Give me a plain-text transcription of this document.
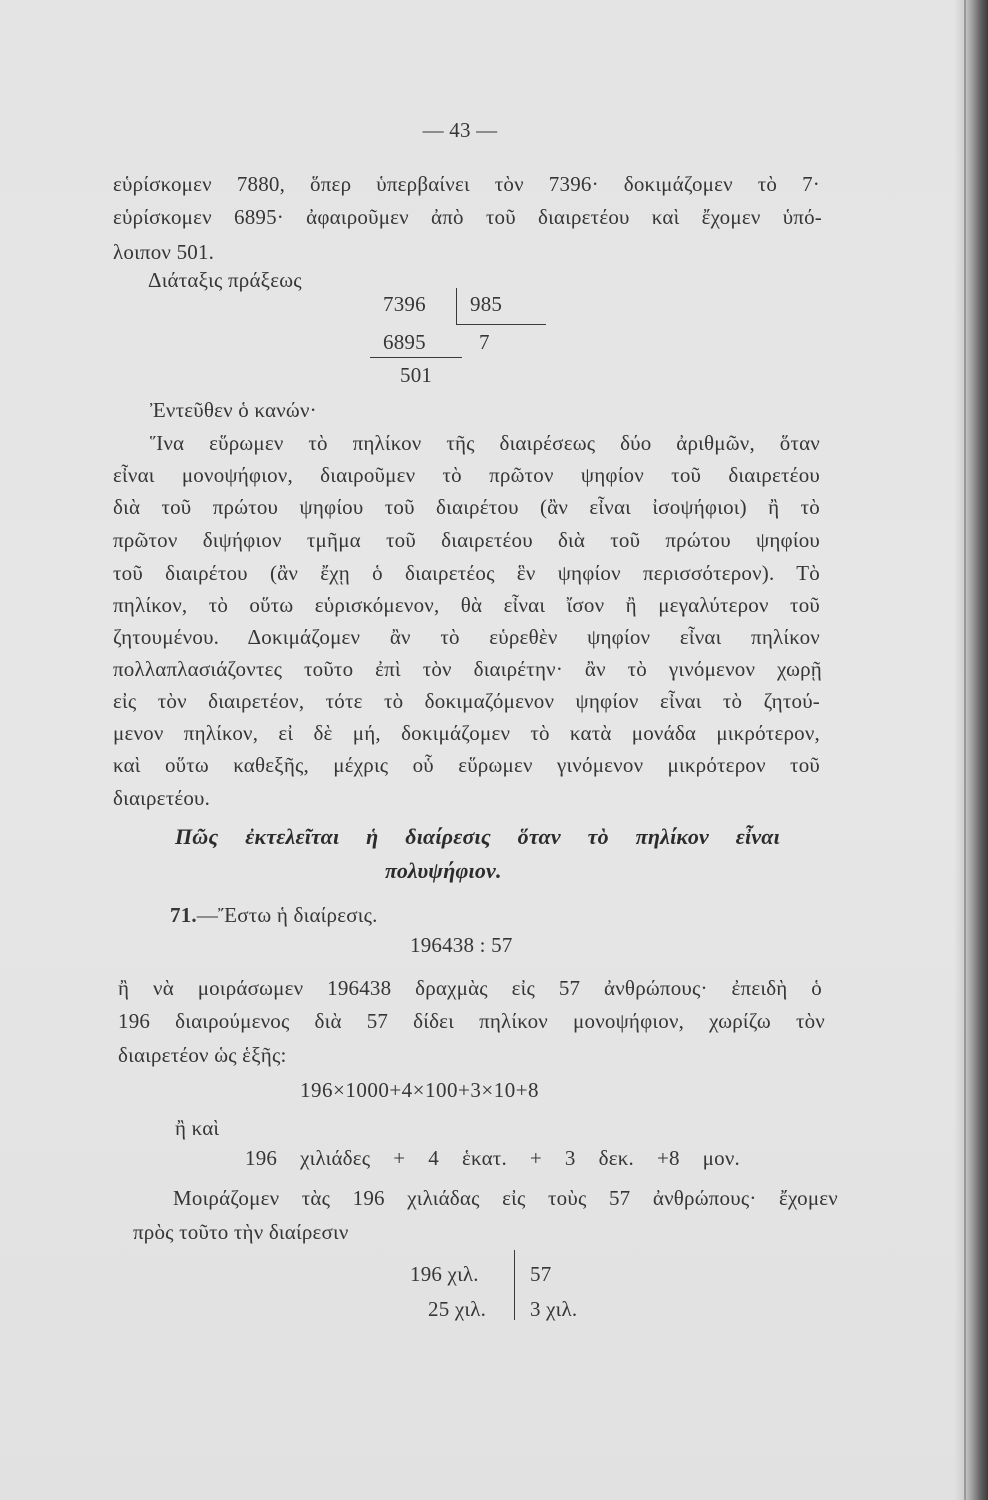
— 43 —
εὑρίσκομεν 7880, ὅπερ ὑπερβαίνει τὸν 7396· δοκιμάζομεν τὸ 7·
εὑρίσκομεν 6895· ἀφαιροῦμεν ἀπὸ τοῦ διαιρετέου καὶ ἔχομεν ὑπό-
λοιπον 501.
Διάταξις πράξεως
7396 985
6895	7
501
Ἐντεῦθεν ὁ κανών·
Ἵνα εὕρωμεν τὸ πηλίκον τῆς διαιρέσεως δύο ἀριθμῶν, ὅταν
εἶναι μονοψήφιον, διαιροῦμεν τὸ πρῶτον ψηφίον τοῦ διαιρετέου
διὰ τοῦ πρώτου ψηφίου τοῦ διαιρέτου (ἂν εἶναι ἰσοψήφιοι) ἢ τὸ
πρῶτον διψήφιον τμῆμα τοῦ διαιρετέου διὰ τοῦ πρώτου ψηφίου
τοῦ διαιρέτου (ἂν ἔχῃ ὁ διαιρετέος ἓν ψηφίον περισσότερον). Τὸ
πηλίκον, τὸ οὕτω εὑρισκόμενον, θὰ εἶναι ἴσον ἢ μεγαλύτερον τοῦ
ζητουμένου. Δοκιμάζομεν ἂν τὸ εὑρεθὲν ψηφίον εἶναι πηλίκον
πολλαπλασιάζοντες τοῦτο ἐπὶ τὸν διαιρέτην· ἂν τὸ γινόμενον χωρῇ
εἰς τὸν διαιρετέον, τότε τὸ δοκιμαζόμενον ψηφίον εἶναι τὸ ζητού-
μενον πηλίκον, εἰ δὲ μή, δοκιμάζομεν τὸ κατὰ μονάδα μικρότερον,
καὶ οὕτω καθεξῆς, μέχρις οὗ εὕρωμεν γινόμενον μικρότερον τοῦ
διαιρετέου.
Πῶς ἐκτελεῖται ἡ διαίρεσις ὅταν τὸ πηλίκον εἶναι
πολυψήφιον.
71.—Ἔστω ἡ διαίρεσις.
196438 : 57
ἢ νὰ μοιράσωμεν 196438 δραχμὰς εἰς 57 ἀνθρώπους· ἐπειδὴ ὁ
196 διαιρούμενος διὰ 57 δίδει πηλίκον μονοψήφιον, χωρίζω τὸν
διαιρετέον ὡς ἑξῆς:
196×1000+4×100+3×10+8
ἢ καὶ
196 χιλιάδες + 4 ἑκατ. + 3 δεκ. +8 μον.
Μοιράζομεν τὰς 196 χιλιάδας εἰς τοὺς 57 ἀνθρώπους· ἔχομεν
πρὸς τοῦτο τὴν διαίρεσιν
196 χιλ. 57
25 χιλ. 3 χιλ.
